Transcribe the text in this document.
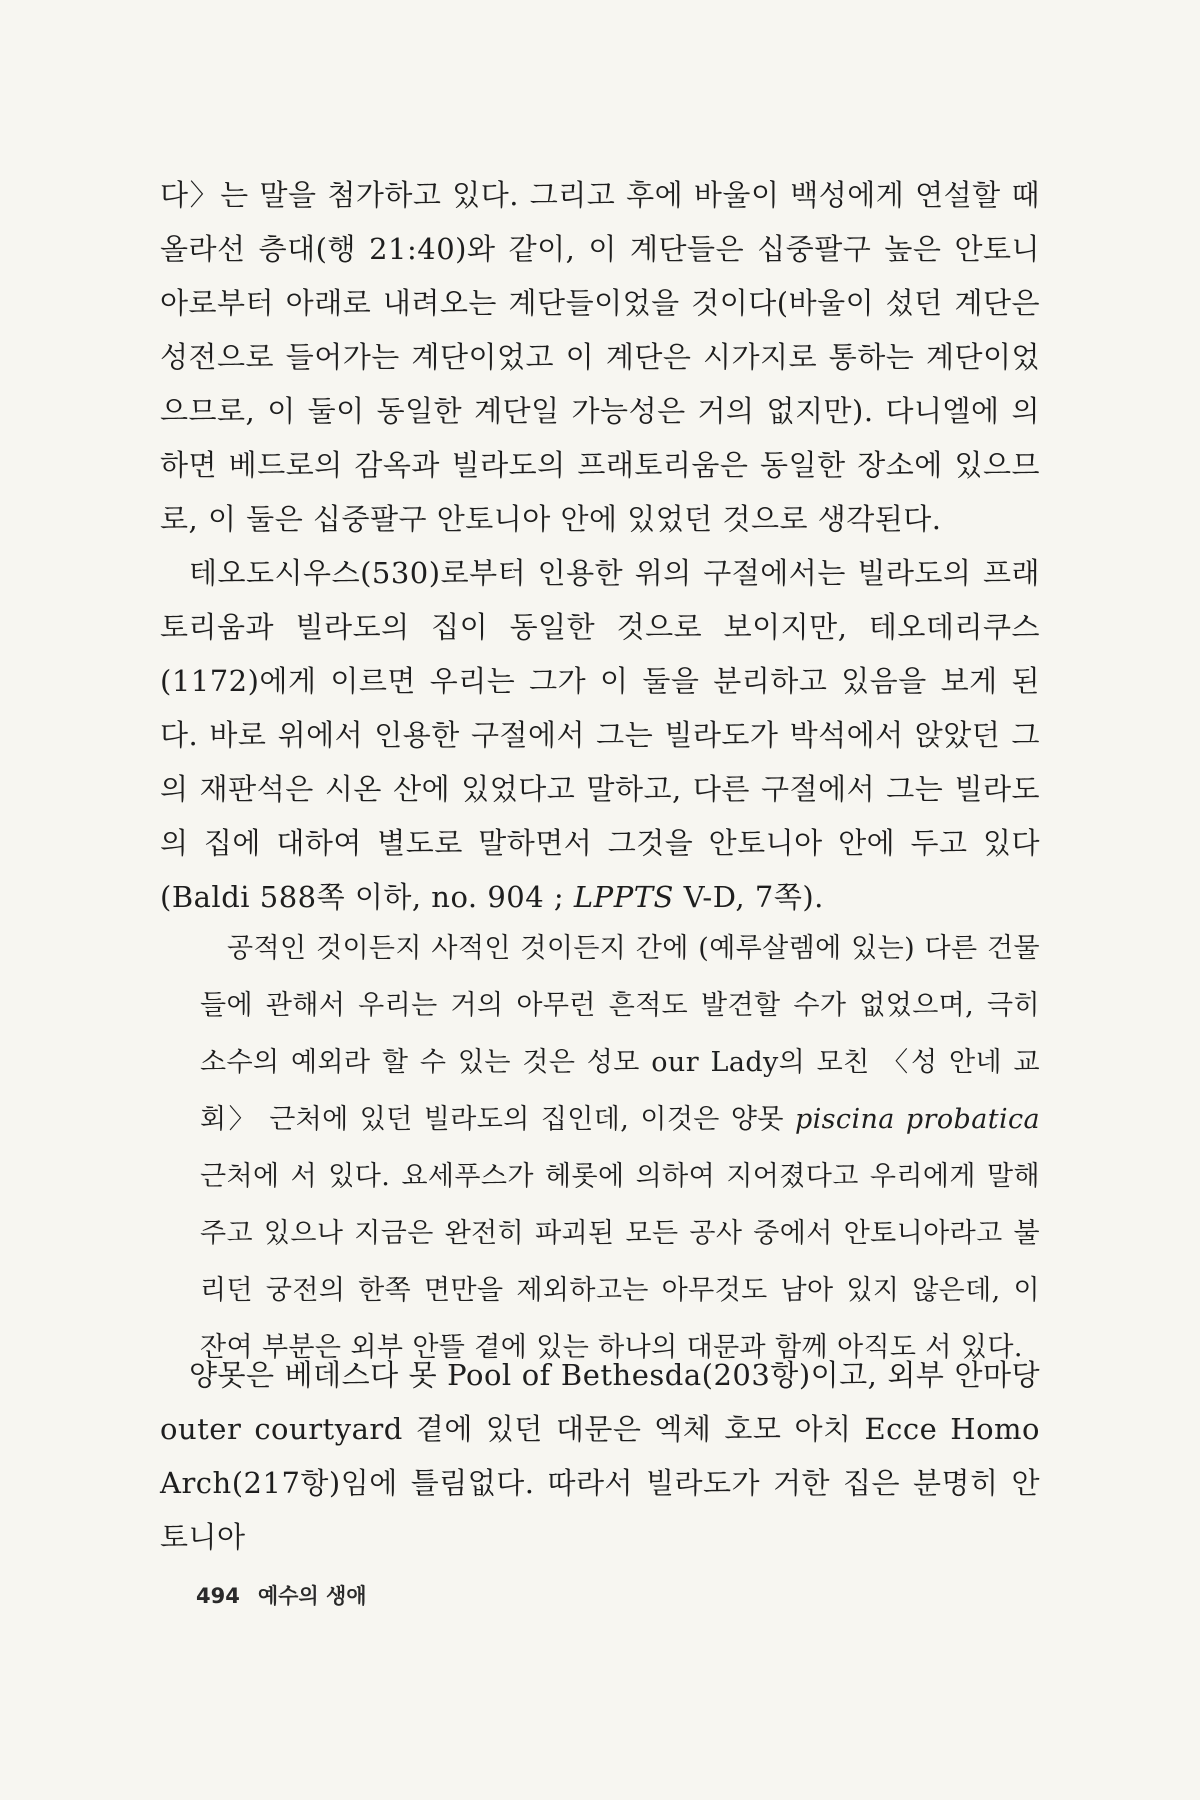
다〉는 말을 첨가하고 있다. 그리고 후에 바울이 백성에게 연설할 때 올라선 층대(행 21:40)와 같이, 이 계단들은 십중팔구 높은 안토니아로부터 아래로 내려오는 계단들이었을 것이다(바울이 섰던 계단은 성전으로 들어가는 계단이었고 이 계단은 시가지로 통하는 계단이었으므로, 이 둘이 동일한 계단일 가능성은 거의 없지만). 다니엘에 의하면 베드로의 감옥과 빌라도의 프래토리움은 동일한 장소에 있으므로, 이 둘은 십중팔구 안토니아 안에 있었던 것으로 생각된다.

테오도시우스(530)로부터 인용한 위의 구절에서는 빌라도의 프래토리움과 빌라도의 집이 동일한 것으로 보이지만, 테오데리쿠스(1172)에게 이르면 우리는 그가 이 둘을 분리하고 있음을 보게 된다. 바로 위에서 인용한 구절에서 그는 빌라도가 박석에서 앉았던 그의 재판석은 시온 산에 있었다고 말하고, 다른 구절에서 그는 빌라도의 집에 대하여 별도로 말하면서 그것을 안토니아 안에 두고 있다 (Baldi 588쪽 이하, no. 904 ; LPPTS V-D, 7쪽).

공적인 것이든지 사적인 것이든지 간에 (예루살렘에 있는) 다른 건물들에 관해서 우리는 거의 아무런 흔적도 발견할 수가 없었으며, 극히 소수의 예외라 할 수 있는 것은 성모 our Lady의 모친 〈성 안네 교회〉 근처에 있던 빌라도의 집인데, 이것은 양못 piscina probatica 근처에 서 있다. 요세푸스가 헤롯에 의하여 지어졌다고 우리에게 말해 주고 있으나 지금은 완전히 파괴된 모든 공사 중에서 안토니아라고 불리던 궁전의 한쪽 면만을 제외하고는 아무것도 남아 있지 않은데, 이 잔여 부분은 외부 안뜰 곁에 있는 하나의 대문과 함께 아직도 서 있다.

양못은 베데스다 못 Pool of Bethesda(203항)이고, 외부 안마당 outer courtyard 곁에 있던 대문은 엑체 호모 아치 Ecce Homo Arch(217항)임에 틀림없다. 따라서 빌라도가 거한 집은 분명히 안토니아

494 예수의 생애
